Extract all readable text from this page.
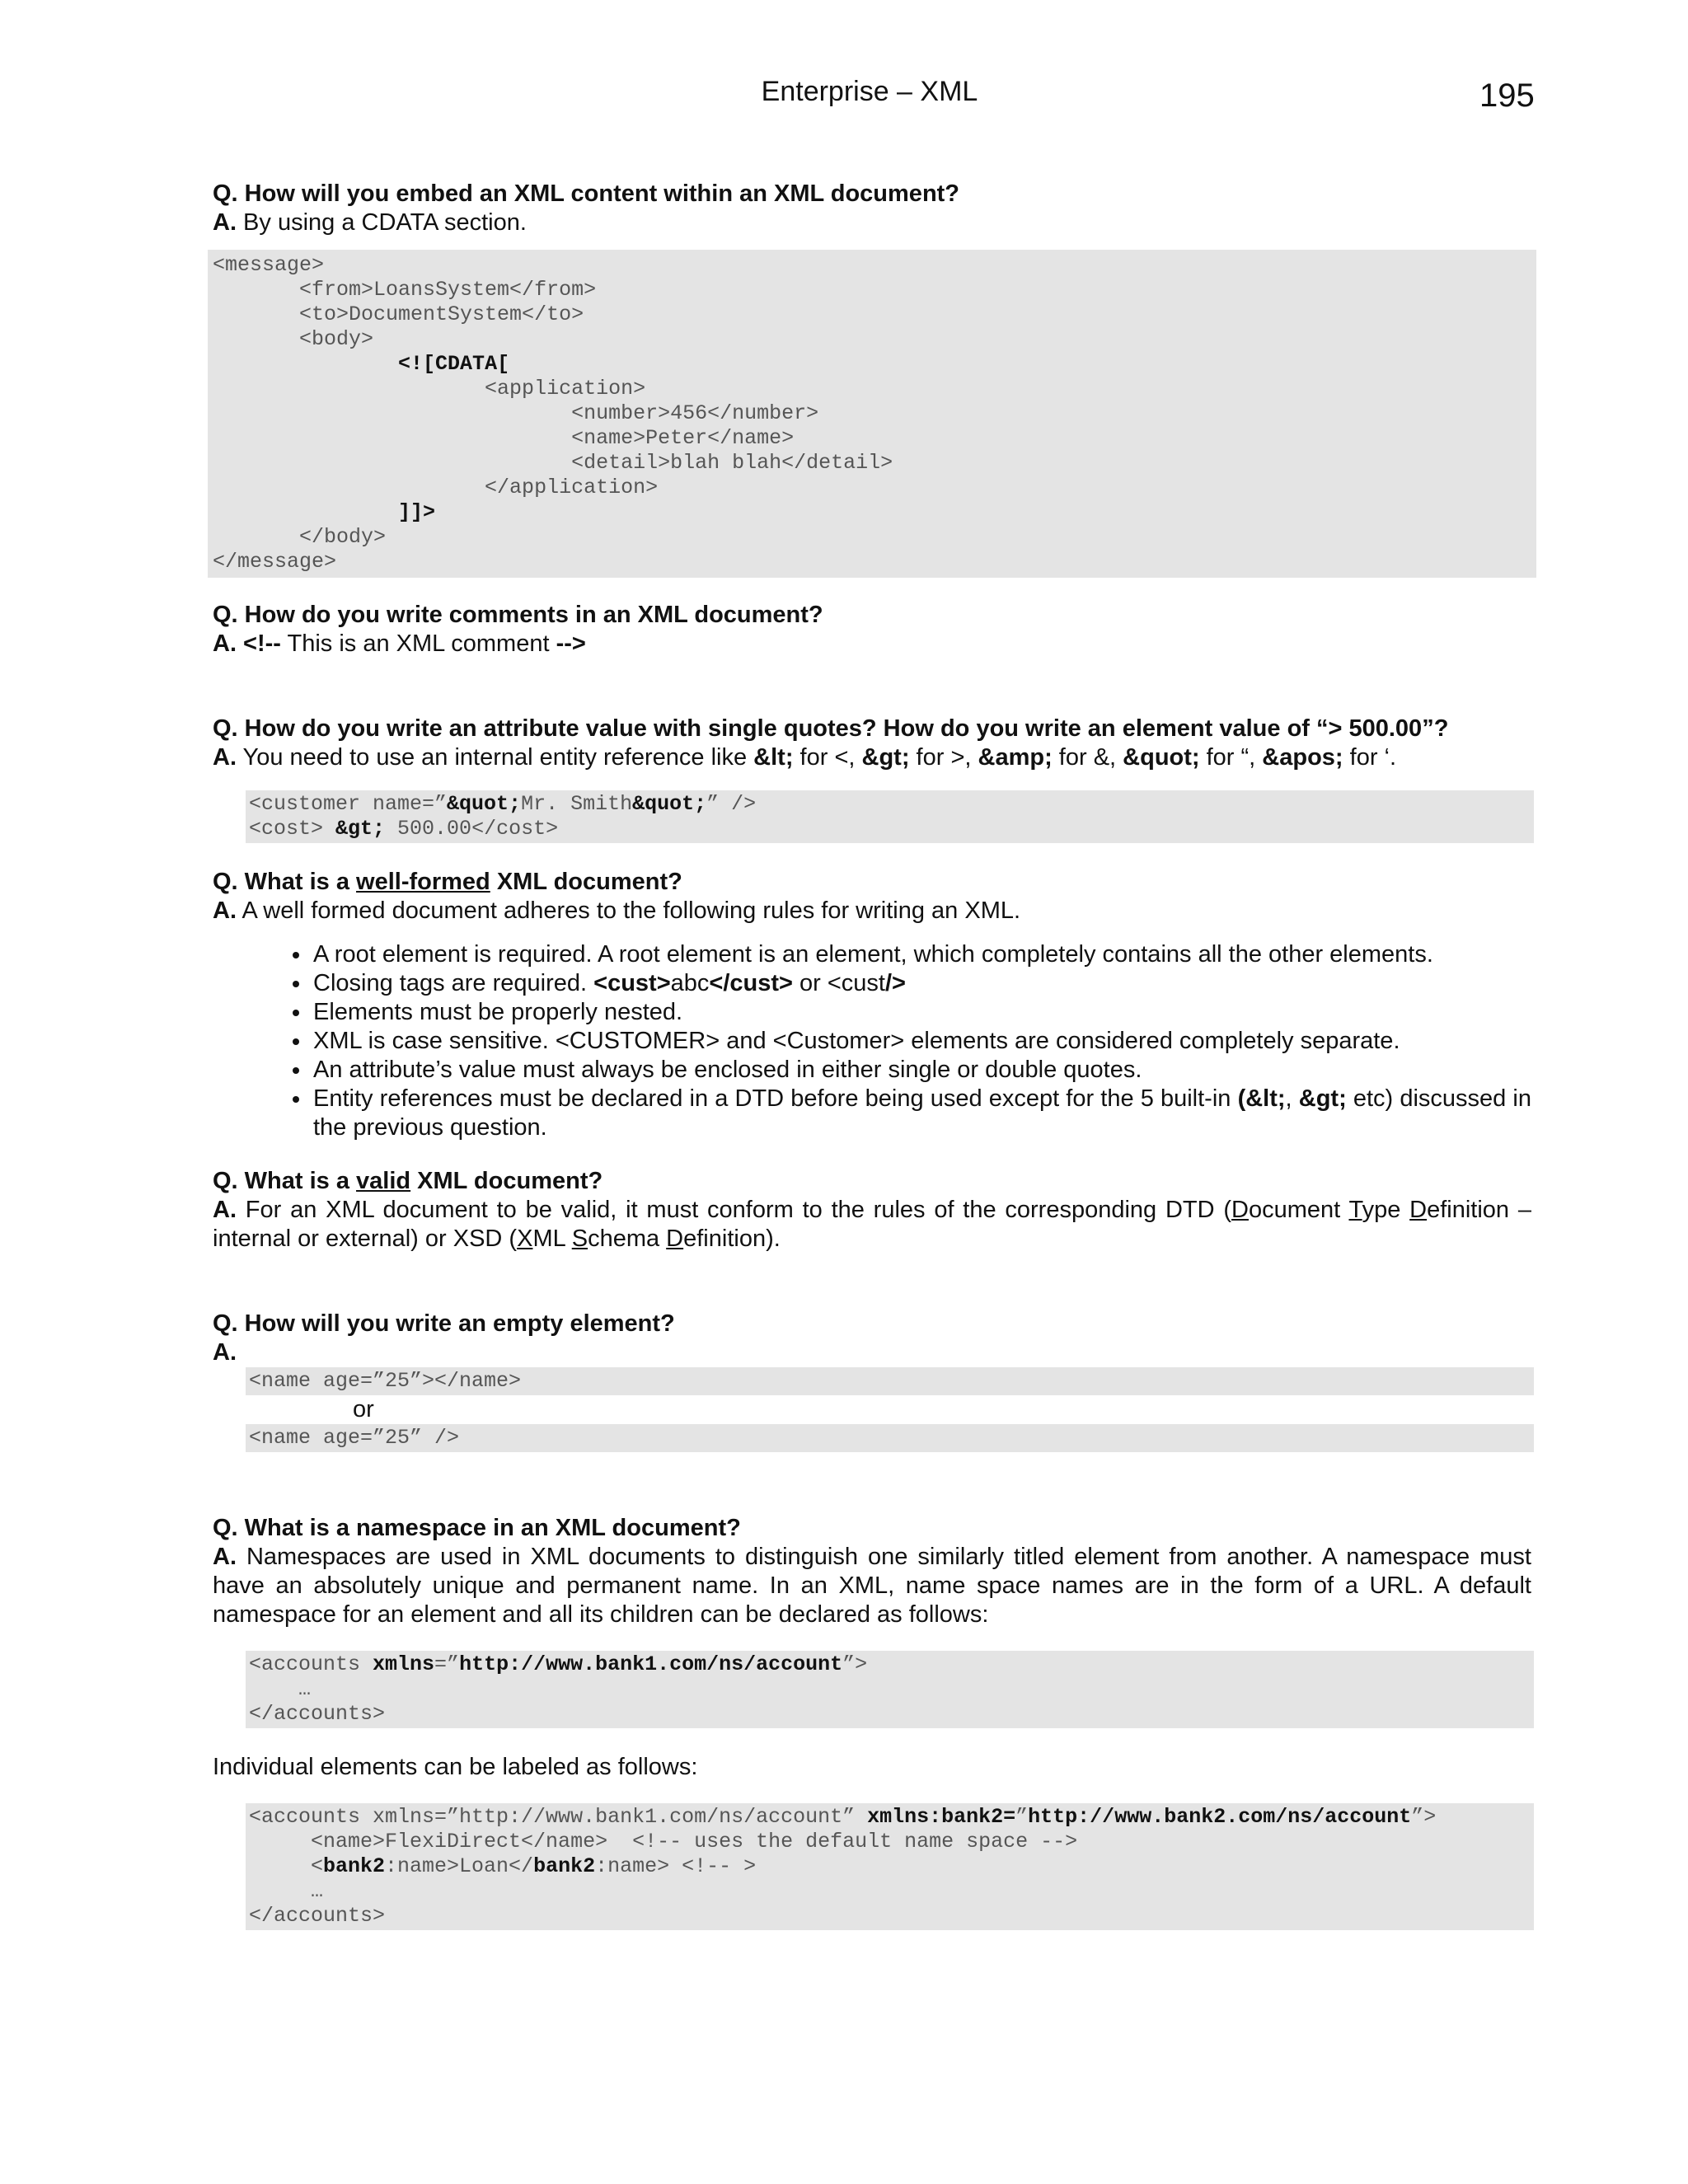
Enterprise – XML	195
Q. How will you embed an XML content within an XML document?
A. By using a CDATA section.
<message>
<from>LoansSystem</from>
<to>DocumentSystem</to>
<body>
<![CDATA[
<application>
<number>456</number>
<name>Peter</name>
<detail>blah blah</detail>
</application>
]]>
</body>
</message>
Q. How do you write comments in an XML document?
A. <!-- This is an XML comment -->
Q. How do you write an attribute value with single quotes? How do you write an element value of “> 500.00”?
A. You need to use an internal entity reference like &lt; for <, &gt; for >, &amp; for &, &quot; for “, &apos; for ‘.
<customer name=”&quot;Mr. Smith&quot;” />
<cost> &gt; 500.00</cost>
Q. What is a well-formed XML document?
A. A well formed document adheres to the following rules for writing an XML.
• A root element is required. A root element is an element, which completely contains all the other elements.
• Closing tags are required. <cust>abc</cust> or <cust/>
• Elements must be properly nested.
• XML is case sensitive. <CUSTOMER> and <Customer> elements are considered completely separate.
• An attribute’s value must always be enclosed in either single or double quotes.
• Entity references must be declared in a DTD before being used except for the 5 built-in (&lt;, &gt; etc) discussed in the previous question.
Q. What is a valid XML document?
A. For an XML document to be valid, it must conform to the rules of the corresponding DTD (Document Type Definition – internal or external) or XSD (XML Schema Definition).
Q. How will you write an empty element?
A.
<name age=”25”></name>
or
<name age=”25” />
Q. What is a namespace in an XML document?
A. Namespaces are used in XML documents to distinguish one similarly titled element from another. A namespace must have an absolutely unique and permanent name. In an XML, name space names are in the form of a URL. A default namespace for an element and all its children can be declared as follows:
<accounts xmlns=”http://www.bank1.com/ns/account”>
…
</accounts>
Individual elements can be labeled as follows:
<accounts xmlns=”http://www.bank1.com/ns/account” xmlns:bank2=”http://www.bank2.com/ns/account”>
<name>FlexiDirect</name>  <!-- uses the default name space -->
<bank2:name>Loan</bank2:name> <!-- >
…
</accounts>
